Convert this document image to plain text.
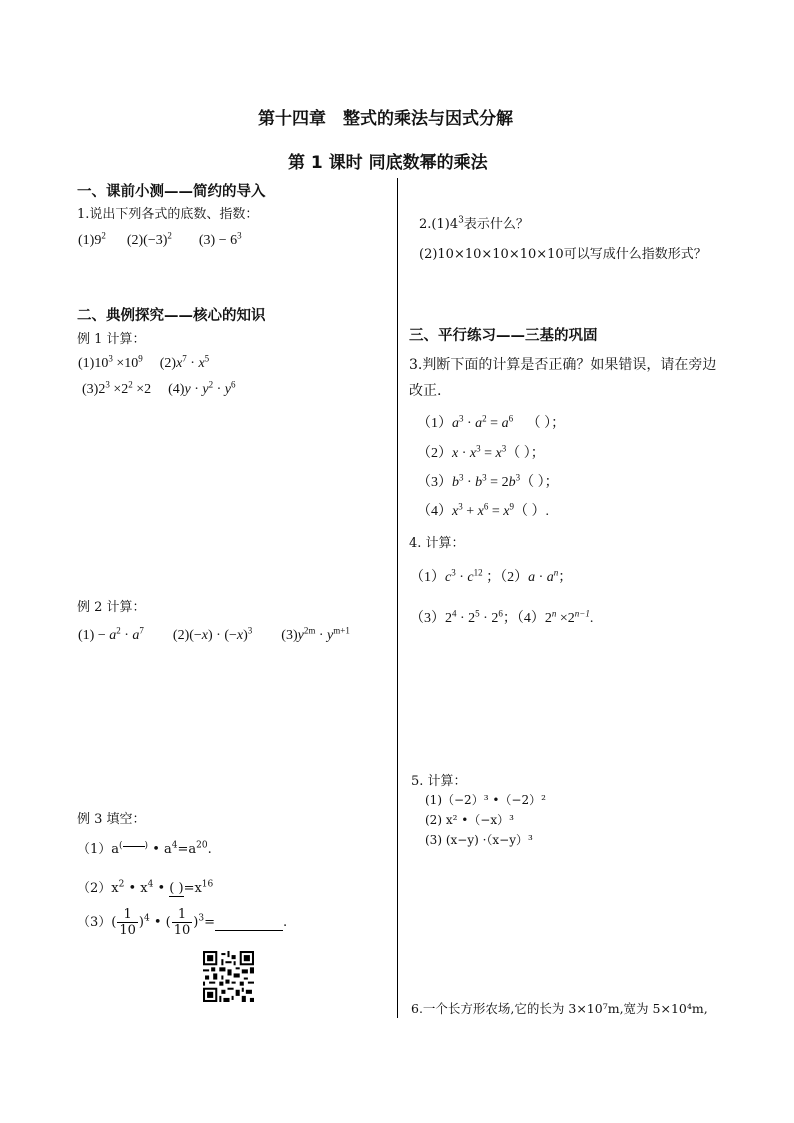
第十四章　整式的乘法与因式分解
第 1 课时 同底数幂的乘法
一、课前小测——简约的导入
1.说出下列各式的底数、指数：
$(1)9^2$ $(2)(-3)^2$ $(3) - 6^3$
二、典例探究——核心的知识
例 1 计算：
$(1)10^3 \times 10^9$ $(2)x^7 \cdot x^5$
$(3)2^3 \times 2^2 \times 2$ $(4)y \cdot y^2 \cdot y^6$
例 2 计算：
$(1) - a^2 \cdot a^7$ $(2)(-x) \cdot (-x)^3$ $(3)y^{2m} \cdot y^{m+1}$
例 3 填空：
（1）a( ) • $a^4=a^{20}$.
$(2)x^2$ • $x^4$ • ( )$=x^{16}$
$(3)( \frac{1}{10} )^4$ • ( $\frac{1}{10} )^3=$	.
$2.(1)4^3$表示什么？
(2)10×10×10×10×10可以写成什么指数形式？
三、平行练习——三基的巩固
3.判断下面的计算是否正确？如果错误，请在旁边
改正.
$(1)a^3 \cdot a^2 = a^6$ （ ）；
$(2)x \cdot x^3 = x^3$（ ）；
$(3)b^3 \cdot b^3 = 2b^3$（ ）；
$(4)x^3 + x^6 = x^9$（ ）.
4. 计算：
$(1)c^3 \cdot c^{12}$ ；$(2)a \cdot a^n$；
$(3)2^4 \cdot 2^5 \cdot 2^6$；$(4)2^n \times 2^{n-1}$.
5. 计算：
(1)（−2）³ •（−2）²
(2) x² •（−x）³
(3) (x−y) ·（x−y）³
6.一个长方形农场,它的长为 3×10⁷m,宽为 5×10⁴m,
